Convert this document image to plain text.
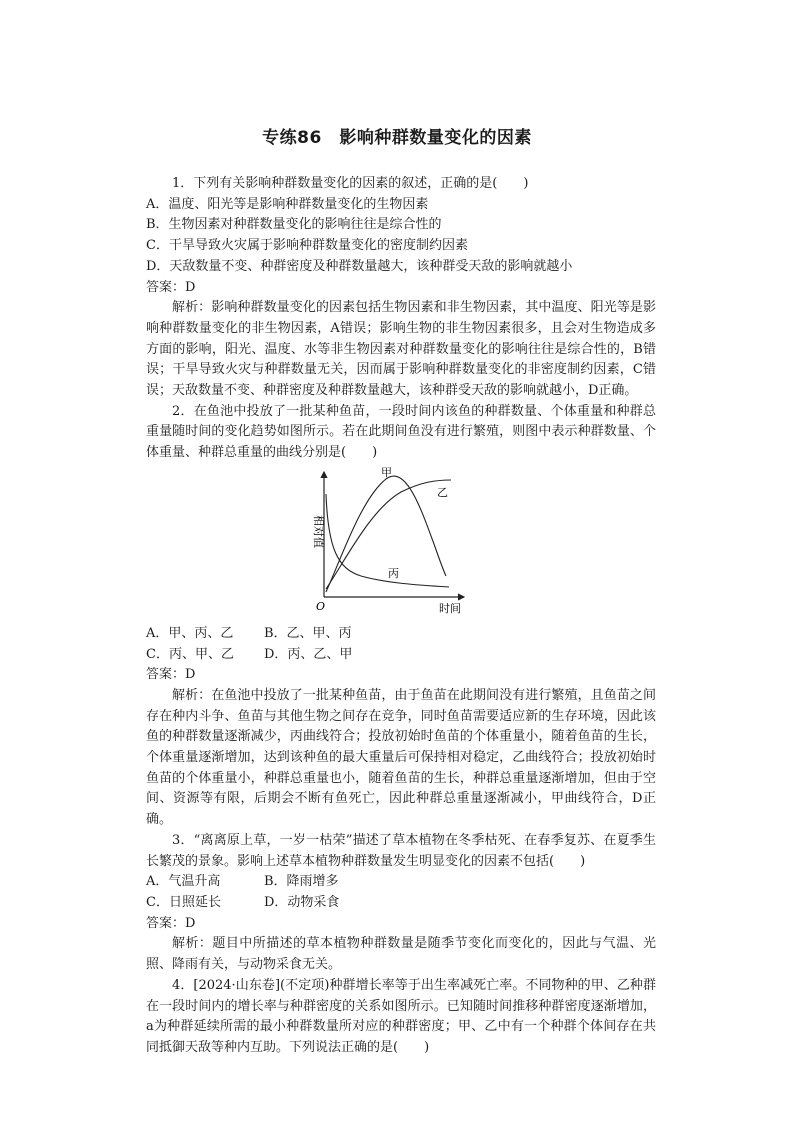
专练86　影响种群数量变化的因素

1．下列有关影响种群数量变化的因素的叙述，正确的是(　　)

A．温度、阳光等是影响种群数量变化的生物因素

B．生物因素对种群数量变化的影响往往是综合性的

C．干旱导致火灾属于影响种群数量变化的密度制约因素

D．天敌数量不变、种群密度及种群数量越大，该种群受天敌的影响就越小

答案：D

解析：影响种群数量变化的因素包括生物因素和非生物因素，其中温度、阳光等是影响种群数量变化的非生物因素，A错误；影响生物的非生物因素很多，且会对生物造成多方面的影响，阳光、温度、水等非生物因素对种群数量变化的影响往往是综合性的，B错误；干旱导致火灾与种群数量无关，因而属于影响种群数量变化的非密度制约因素，C错误；天敌数量不变、种群密度及种群数量越大，该种群受天敌的影响就越小，D正确。

2．在鱼池中投放了一批某种鱼苗，一段时间内该鱼的种群数量、个体重量和种群总重量随时间的变化趋势如图所示。若在此期间鱼没有进行繁殖，则图中表示种群数量、个体重量、种群总重量的曲线分别是(　　)

相对值
甲
乙
丙
O	时间

A．甲、丙、乙 B．乙、甲、丙

C．丙、甲、乙 D．丙、乙、甲

答案：D

解析：在鱼池中投放了一批某种鱼苗，由于鱼苗在此期间没有进行繁殖，且鱼苗之间存在种内斗争、鱼苗与其他生物之间存在竞争，同时鱼苗需要适应新的生存环境，因此该鱼的种群数量逐渐减少，丙曲线符合；投放初始时鱼苗的个体重量小，随着鱼苗的生长，个体重量逐渐增加，达到该种鱼的最大重量后可保持相对稳定，乙曲线符合；投放初始时鱼苗的个体重量小，种群总重量也小，随着鱼苗的生长，种群总重量逐渐增加，但由于空间、资源等有限，后期会不断有鱼死亡，因此种群总重量逐渐减小，甲曲线符合，D正确。

3．“离离原上草，一岁一枯荣”描述了草本植物在冬季枯死、在春季复苏、在夏季生长繁茂的景象。影响上述草本植物种群数量发生明显变化的因素不包括(　　)

A．气温升高	B．降雨增多

C．日照延长	D．动物采食

答案：D

解析：题目中所描述的草本植物种群数量是随季节变化而变化的，因此与气温、光照、降雨有关，与动物采食无关。

4．[2024·山东卷](不定项)种群增长率等于出生率减死亡率。不同物种的甲、乙种群在一段时间内的增长率与种群密度的关系如图所示。已知随时间推移种群密度逐渐增加，a为种群延续所需的最小种群数量所对应的种群密度；甲、乙中有一个种群个体间存在共同抵御天敌等种内互助。下列说法正确的是(　　)
